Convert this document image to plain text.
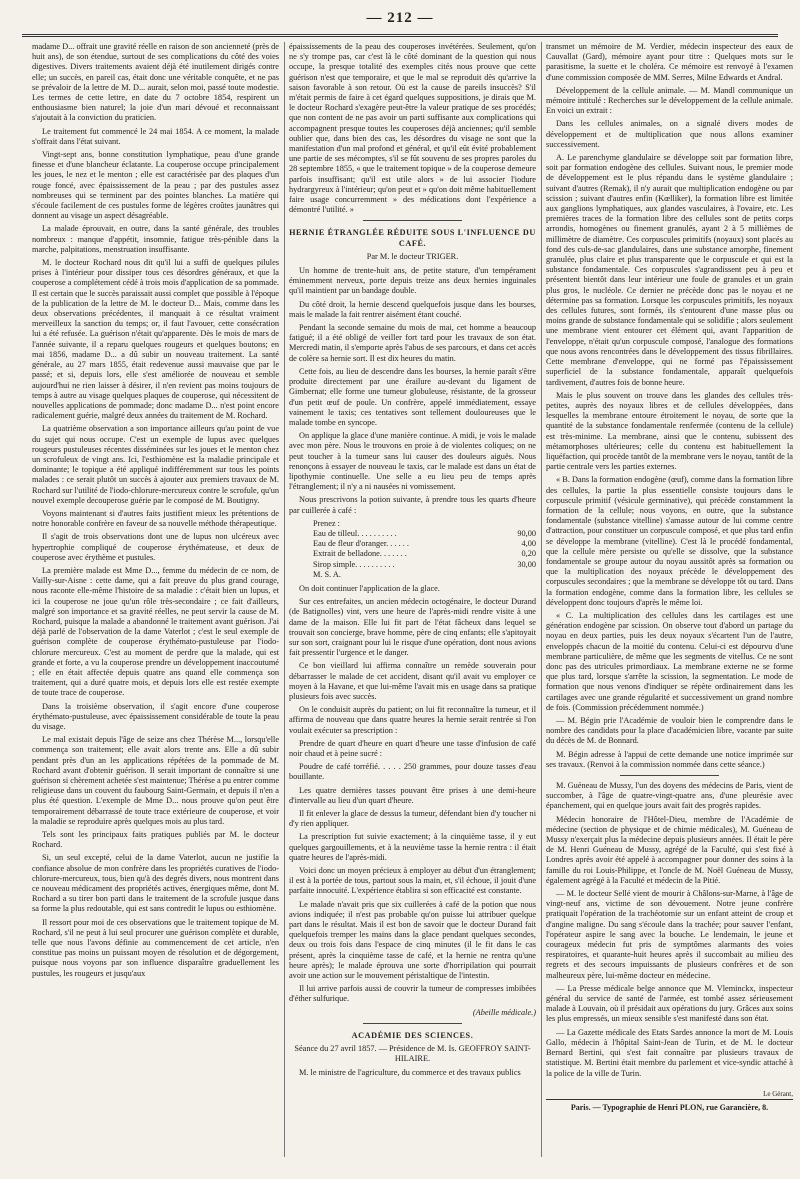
— 212 —

madame D... offrait une gravité réelle en raison de son ancienneté (près de huit ans), de son étendue, surtout de ses complications du côté des voies digestives. Divers traitements avaient déjà été inutilement dirigés contre elle; un succès, en pareil cas, était donc une véritable conquête, et ne pas se prévaloir de la lettre de M. D... aurait, selon moi, passé toute modestie. Les termes de cette lettre, en date du 7 octobre 1854, respirent un enthousiasme bien naturel; la joie d'un mari dévoué et reconnaissant s'ajoutait à la conviction du praticien.

Le traitement fut commencé le 24 mai 1854. A ce moment, la malade s'offrait dans l'état suivant.

Vingt-sept ans, bonne constitution lymphatique, peau d'une grande finesse et d'une blancheur éclatante. La couperose occupe principalement les joues, le nez et le menton ; elle est caractérisée par des plaques d'un rouge foncé, avec épaississement de la peau ; par des pustules assez nombreuses qui se terminent par des pointes blanches. La matière qui s'écoule facilement de ces pustules forme de légères croûtes jaunâtres qui donnent au visage un aspect désagréable.

La malade éprouvait, en outre, dans la santé générale, des troubles nombreux : manque d'appétit, insomnie, fatigue très-pénible dans la marche, palpitations, menstruation insuffisante.

M. le docteur Rochard nous dit qu'il lui a suffi de quelques pilules prises à l'intérieur pour dissiper tous ces désordres généraux, et que la couperose a complétement cédé à trois mois d'application de sa pommade. Il est certain que le succès paraissait aussi complet que possible à l'époque de la publication de la lettre de M. le docteur D... Mais, comme dans les deux observations précédentes, il manquait à ce résultat vraiment merveilleux la sanction du temps; or, il faut l'avouer, cette consécration lui a été refusée. La guérison n'était qu'apparente. Dès le mois de mars de l'année suivante, il a reparu quelques rougeurs et quelques boutons; en mai 1856, madame D... a dû subir un nouveau traitement. La santé générale, au 27 mars 1855, était redevenue aussi mauvaise que par le passé; et si, depuis lors, elle s'est améliorée de nouveau et semble aujourd'hui ne rien laisser à désirer, il n'en revient pas moins toujours de temps à autre au visage quelques plaques de couperose, qui nécessitent de nouvelles applications de pommade; donc madame D... n'est point encore radicalement guérie, malgré deux années du traitement de M. Rochard.

La quatrième observation a son importance ailleurs qu'au point de vue du sujet qui nous occupe. C'est un exemple de lupus avec quelques rougeurs pustuleuses récentes disséminées sur les joues et le menton chez un scrofuleux de vingt ans. Ici, l'esthiomène est la maladie principale et dominante; le topique a été appliqué indifféremment sur tous les points malades : ce serait plutôt un succès à ajouter aux premiers travaux de M. Rochard sur l'utilité de l'iodo-chlorure-mercureux contre le scrofule, qu'un nouvel exemple decouperose guérie par le composé de M. Boutigny.

Voyons maintenant si d'autres faits justifient mieux les prétentions de notre honorable confrère en faveur de sa nouvelle méthode thérapeutique.

Il s'agit de trois observations dont une de lupus non ulcéreux avec hypertrophie compliqué de couperose érythémateuse, et deux de couperose avec érythème et pustules.

La première malade est Mme D..., femme du médecin de ce nom, de Vailly-sur-Aisne : cette dame, qui a fait preuve du plus grand courage, nous raconte elle-même l'histoire de sa maladie : c'était bien un lupus, et ici la couperose ne joue qu'un rôle très-secondaire ; ce fait d'ailleurs, malgré son importance et sa gravité réelles, ne peut servir la cause de M. Rochard, puisque la malade a abandonné le traitement avant guérison. J'ai déjà parlé de l'observation de la dame Vaterlot ; c'est le seul exemple de guérison complète de couperose érythémato-pustuleuse par l'iodo-chlorure mercureux. C'est au moment de perdre que la malade, qui est grande et forte, a vu la couperose prendre un développement inaccoutumé ; elle en était affectée depuis quatre ans quand elle commença son traitement, qui a duré quatre mois, et depuis lors elle est restée exempte de toute trace de couperose.

Dans la troisième observation, il s'agit encore d'une couperose érythémato-pustuleuse, avec épaississement considérable de toute la peau du visage.

Le mal existait depuis l'âge de seize ans chez Thérèse M..., lorsqu'elle commença son traitement; elle avait alors trente ans. Elle a dû subir pendant près d'un an les applications répétées de la pommade de M. Rochard avant d'obtenir guérison. Il serait important de connaître si une guérison si chèrement achetée s'est maintenue; Thérèse a pu entrer comme religieuse dans un couvent du faubourg Saint-Germain, et depuis il n'en a plus été question. L'exemple de Mme D... nous prouve qu'on peut être temporairement débarrassé de toute trace extérieure de couperose, et voir la maladie se reproduire après quelques mois au plus tard.

Tels sont les principaux faits pratiques publiés par M. le docteur Rochard.

Si, un seul excepté, celui de la dame Vaterlot, aucun ne justifie la confiance absolue de mon confrère dans les propriétés curatives de l'iodo-chlorure-mercureux, tous, bien qu'à des degrés divers, nous montrent dans ce nouveau médicament des propriétés actives, énergiques même, dont M. Rochard a su tirer bon parti dans le traitement de la scrofule jusque dans sa forme la plus redoutable, qui est sans contredit le lupus ou esthiomène.

Il ressort pour moi de ces observations que le traitement topique de M. Rochard, s'il ne peut à lui seul procurer une guérison complète et durable, telle que nous l'avons définie au commencement de cet article, n'en constitue pas moins un puissant moyen de résolution et de dégorgement, puisque nous voyons par son influence disparaître graduellement les pustules, les rougeurs et jusqu'aux

épaississements de la peau des couperoses invétérées. Seulement, qu'on ne s'y trompe pas, car c'est là le côté dominant de la question qui nous occupe, la presque totalité des exemples cités nous prouve que cette guérison n'est que temporaire, et que le mal se reproduit dès qu'arrive la saison favorable à son retour. Où est la cause de pareils insuccès? S'il m'était permis de faire à cet égard quelques suppositions, je dirais que M. le docteur Rochard s'exagère peut-être la valeur pratique de ses procédés; que non content de ne pas avoir un parti suffisante aux complications qui accompagnent presque toutes les couperoses déjà anciennes; qu'il semble oublier que, dans bien des cas, les désordres du visage ne sont que la manifestation d'un mal profond et général, et qu'il eût évité probablement une partie de ses mécomptes, s'il se fût souvenu de ses propres paroles du 28 septembre 1855, « que le traitement topique » de la couperose demeure parfois insuffisant; qu'il est utile alors » de lui associer l'iodure hydrargyreux à l'intérieur; qu'on peut et » qu'on doit même habituellement faire usage concurremment » des médications dont l'expérience a démontré l'utilité. »

HERNIE ÉTRANGLÉE RÉDUITE SOUS L'INFLUENCE DU CAFÉ.
Par M. le docteur TRIGER.

Un homme de trente-huit ans, de petite stature, d'un tempérament éminemment nerveux, porte depuis treize ans deux hernies inguinales qu'il maintient par un bandage double.

Du côté droit, la hernie descend quelquefois jusque dans les bourses, mais le malade la fait rentrer aisément étant couché.

Pendant la seconde semaine du mois de mai, cet homme a beaucoup fatigué; il a été obligé de veiller fort tard pour les travaux de son état. Mercredi matin, il s'emporte après l'abus de ses parcours, et dans cet accès de colère sa hernie sort. Il est dix heures du matin.

Cette fois, au lieu de descendre dans les bourses, la hernie paraît s'être produite directement par une érailure au-devant du ligament de Gimbernat; elle forme une tumeur globuleuse, résistante, de la grosseur d'un petit œuf de poule. Un confrère, appelé immédiatement, essaye vainement le taxis; ces tentatives sont tellement douloureuses que le malade tombe en syncope.

On applique la glace d'une manière continue. A midi, je vois le malade avec mon père. Nous le trouvons en proie à de violentes coliques; on ne peut toucher à la tumeur sans lui causer des douleurs aiguës. Nous renonçons à essayer de nouveau le taxis, car le malade est dans un état de lipothymie continuelle. Une selle a eu lieu peu de temps après l'étranglement; il n'y a ni nausées ni vomissement.

Nous prescrivons la potion suivante, à prendre tous les quarts d'heure par cuillerée à café :

Prenez :
Eau de tilleul. . . . . . . . . .	90,00
Eau de fleur d'oranger. . . . . .	4,00
Extrait de belladone. . . . . . .	0,20
Sirop simple. . . . . . . . . .	30,00
M. S. A.

On doit continuer l'application de la glace.

Sur ces entrefaites, un ancien médecin octogénaire, le docteur Durand (de Batignolles) vint, vers une heure de l'après-midi rendre visite à une dame de la maison. Elle lui fit part de l'état fâcheux dans lequel se trouvait son concierge, brave homme, père de cinq enfants; elle s'apitoyait sur son sort, craignant pour lui le risque d'une opération, dont nous avions fait pressentir l'urgence et le danger.

Ce bon vieillard lui affirma connaître un remède souverain pour débarrasser le malade de cet accident, disant qu'il avait vu employer ce moyen à la Havane, et que lui-même l'avait mis en usage dans sa pratique plusieurs fois avec succès.

On le conduisit auprès du patient; on lui fit reconnaître la tumeur, et il affirma de nouveau que dans quatre heures la hernie serait rentrée si l'on voulait exécuter sa prescription :

Prendre de quart d'heure en quart d'heure une tasse d'infusion de café noir chaud et à peine sucré :

Poudre de café torréfié. . . . . 250 grammes, pour douze tasses d'eau bouillante.

Les quatre dernières tasses pouvant être prises à une demi-heure d'intervalle au lieu d'un quart d'heure.

Il fit enlever la glace de dessus la tumeur, défendant bien d'y toucher ni d'y rien appliquer.

La prescription fut suivie exactement; à la cinquième tasse, il y eut quelques gargouillements, et à la neuvième tasse la hernie rentra : il était quatre heures de l'après-midi.

Voici donc un moyen précieux à employer au début d'un étranglement; il est à la portée de tous, partout sous la main, et, s'il échoue, il jouit d'une parfaite innocuité. L'expérience établira si son efficacité est constante.

Le malade n'avait pris que six cuillerées à café de la potion que nous avions indiquée; il n'est pas probable qu'on puisse lui attribuer quelque part dans le résultat. Mais il est bon de savoir que le docteur Durand fait quelquefois tremper les mains dans la glace pendant quelques secondes, deux ou trois fois dans l'espace de cinq minutes (il le fit dans le cas présent, après la cinquième tasse de café, et la hernie ne rentra qu'une heure après); le malade éprouva une sorte d'horripilation qui pourrait avoir une action sur le mouvement péristaltique de l'intestin.

Il lui arrive parfois aussi de couvrir la tumeur de compresses imbibées d'éther sulfurique.

(Abeille médicale.)
ACADÉMIE DES SCIENCES.
Séance du 27 avril 1857. — Présidence de M. Is. GEOFFROY SAINT-HILAIRE.

M. le ministre de l'agriculture, du commerce et des travaux publics

transmet un mémoire de M. Verdier, médecin inspecteur des eaux de Cauvallat (Gard), mémoire ayant pour titre : Quelques mots sur le parasitisme, la suette et le choléra. Ce mémoire est renvoyé à l'examen d'une commission composée de MM. Serres, Milne Edwards et Andral.

Développement de la cellule animale. — M. Mandl communique un mémoire intitulé : Recherches sur le développement de la cellule animale. En voici un extrait :

Dans les cellules animales, on a signalé divers modes de développement et de multiplication que nous allons examiner successivement.

A. Le parenchyme glandulaire se développe soit par formation libre, soit par formation endogène des cellules. Suivant nous, le premier mode de développement est le plus répandu dans le système glandulaire ; suivant d'autres (Remak), il n'y aurait que multiplication endogène ou par scission ; suivant d'autres enfin (Kœlliker), la formation libre est limitée aux ganglions lymphatiques, aux glandes vasculaires, à l'ovaire, etc. Les premières traces de la formation libre des cellules sont de petits corps arrondis, homogènes ou finement granulés, ayant 2 à 5 millièmes de millimètre de diamètre. Ces corpuscules primitifs (noyaux) sont placés au fond des culs-de-sac glandulaires, dans une substance amorphe, finement granulée, plus claire et plus transparente que le corpuscule et qui est la substance fondamentale. Ces corpuscules s'agrandissent peu à peu et présentent bientôt dans leur intérieur une foule de granules et un grain plus gros, le nucléole. Ce dernier ne précède donc pas le noyau et ne détermine pas sa formation. Lorsque les corpuscules primitifs, les noyaux des cellules futures, sont formés, ils s'entourent d'une masse plus ou moins grande de substance fondamentale qui se solidifie ; alors seulement une membrane vient entourer cet élément qui, avant l'apparition de l'enveloppe, n'était qu'un corpuscule composé, l'analogue des formations que nous avons rencontrées dans le développement des tissus fibrillaires. Cette membrane d'enveloppe, qui ne formé pas l'épaississement superficiel de la substance fondamentale, apparaît quelquefois tardivement, d'autres fois de bonne heure.

Mais le plus souvent on trouve dans les glandes des cellules très-petites, auprès des noyaux libres et de cellules développées, dans lesquelles la membrane entoure étroitement le noyau, de sorte que la quantité de la substance fondamentale renfermée (contenu de la cellule) est très-minime. La membrane, ainsi que le contenu, subissent des métamorphoses ultérieures; celle du contenu est habituellement la liquéfaction, qui procède tantôt de la membrane vers le noyau, tantôt de la partie centrale vers les parties externes.

« B. Dans la formation endogène (œuf), comme dans la formation libre des cellules, la partie la plus essentielle consiste toujours dans le corpuscule primitif (vésicule germinative), qui précède constamment la formation de la cellule; nous voyons, en outre, que la substance fondamentale (substance vitelline) s'amasse autour de lui comme centre d'attraction, pour constituer un corpuscule composé, et que plus tard enfin se développe la membrane (vitelline). C'est là le procédé fondamental, que la cellule mère persiste ou qu'elle se dissolve, que la substance fondamentale se groupe autour du noyau aussitôt après sa formation ou que la multiplication des noyaux précède le développement des corpuscules secondaires ; que la membrane se développe tôt ou tard. Dans la formation endogène, comme dans la formation libre, les cellules se développent donc toujours d'après le même loi.

« C. La multiplication des cellules dans les cartilages est une génération endogène par scission. On observe tout d'abord un partage du noyau en deux parties, puis les deux noyaux s'écartent l'un de l'autre, enveloppés chacun de la moitié du contenu. Celui-ci est dépourvu d'une membrane particulière, de même que les segments de vitellus. Ce ne sont donc pas des utricules primordiaux. La membrane externe ne se forme que plus tard, lorsque s'arrête la scission, la segmentation. Le mode de formation que nous venons d'indiquer se répète ordinairement dans les cartilages avec une grande régularité et successivement un grand nombre de fois. (Commission précédemment nommée.)

— M. Bégin prie l'Académie de vouloir bien le comprendre dans le nombre des candidats pour la place d'académicien libre, vacante par suite du décès de M. de Bonnard.

M. Bégin adresse à l'appui de cette demande une notice imprimée sur ses travaux. (Renvoi à la commission nommée dans cette séance.)

M. Guéneau de Mussy, l'un des doyens des médecins de Paris, vient de succomber, à l'âge de quatre-vingt-quatre ans, d'une pleurésie avec épanchement, qui en quelque jours avait fait des progrès rapides.

Médecin honoraire de l'Hôtel-Dieu, membre de l'Académie de médecine (section de physique et de chimie médicales), M. Guéneau de Mussy n'exerçait plus la médecine depuis plusieurs années. Il était le père de M. Henri Guéneau de Mussy, agrégé de la Faculté, qui s'est fixé à Londres après avoir été appelé à accompagner pour donner des soins à la famille du roi Louis-Philippe, et l'oncle de M. Noël Guéneau de Mussy, également agrégé à la Faculté et médecin de la Pitié.

— M. le docteur Sellé vient de mourir à Châlons-sur-Marne, à l'âge de vingt-neuf ans, victime de son dévouement. Notre jeune confrère pratiquait l'opération de la trachéotomie sur un enfant atteint de croup et d'angine maligne. Du sang s'écoule dans la trachée; pour sauver l'enfant, l'opérateur aspire le sang avec la bouche. Le lendemain, le jeune et courageux médecin fut pris de symptômes alarmants des voies respiratoires, et quarante-huit heures après il succombait au milieu des regrets et des secours impuissants de plusieurs confrères et de son malheureux père, lui-même docteur en médecine.

— La Presse médicale belge annonce que M. Vleminckx, inspecteur général du service de santé de l'armée, est tombé assez sérieusement malade à Louvain, où il présidait aux opérations du jury. Grâces aux soins les plus empressés, un mieux sensible s'est manifesté dans son état.

— La Gazette médicale des Etats Sardes annonce la mort de M. Louis Gallo, médecin à l'hôpital Saint-Jean de Turin, et de M. le docteur Bernard Bertini, qui s'est fait connaître par plusieurs travaux de statistique. M. Bertini était membre du parlement et vice-syndic attaché à la police de la ville de Turin.

Le Gérant,
Paris. — Typographie de Henri PLON, rue Garancière, 8.
